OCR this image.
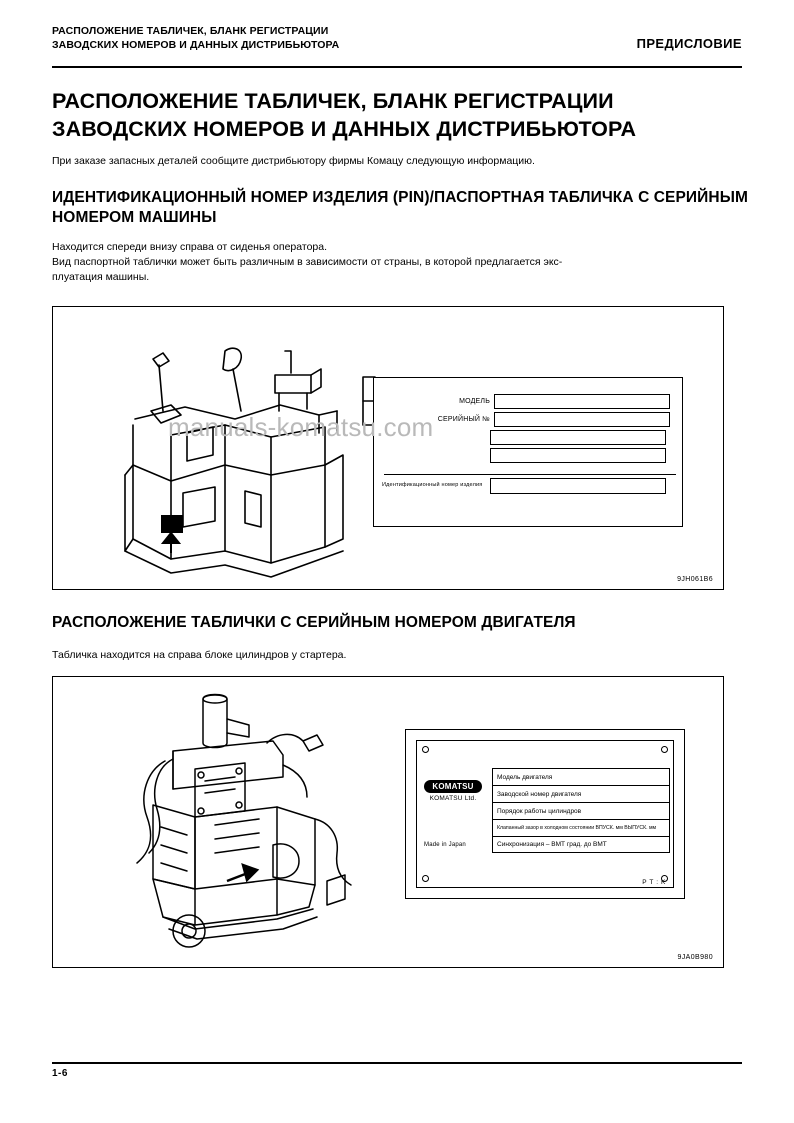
РАСПОЛОЖЕНИЕ ТАБЛИЧЕК, БЛАНК РЕГИСТРАЦИИ
ЗАВОДСКИХ НОМЕРОВ И ДАННЫХ ДИСТРИБЬЮТОРА	ПРЕДИСЛОВИЕ
РАСПОЛОЖЕНИЕ ТАБЛИЧЕК, БЛАНК РЕГИСТРАЦИИ ЗАВОДСКИХ НОМЕРОВ И ДАННЫХ ДИСТРИБЬЮТОРА
При заказе запасных деталей сообщите дистрибьютору фирмы Комацу следующую информацию.
ИДЕНТИФИКАЦИОННЫЙ НОМЕР ИЗДЕЛИЯ (PIN)/ПАСПОРТНАЯ ТАБЛИЧКА С СЕРИЙНЫМ НОМЕРОМ МАШИНЫ

Находится спереди внизу справа от сиденья оператора.

Вид паспортной таблички может быть различным в зависимости от страны, в которой предлагается экс-

плуатация машины.

МОДЕЛЬ
СЕРИЙНЫЙ №
Идентификационный номер изделия
9JH061B6
manuals-komatsu.com
РАСПОЛОЖЕНИЕ ТАБЛИЧКИ С СЕРИЙНЫМ НОМЕРОМ ДВИГАТЕЛЯ
Табличка находится на справа блоке цилиндров у стартера.
KOMATSU
KOMATSU Ltd.
Made in Japan
Модель двигателя
Заводской номер двигателя
Порядок работы цилиндров
Клапанный зазор в холодном состоянии ВПУСК. мм ВЫПУСК. мм
Синхронизация – ВМТ град. до ВМТ
P T : K
9JA0B980
1-6
